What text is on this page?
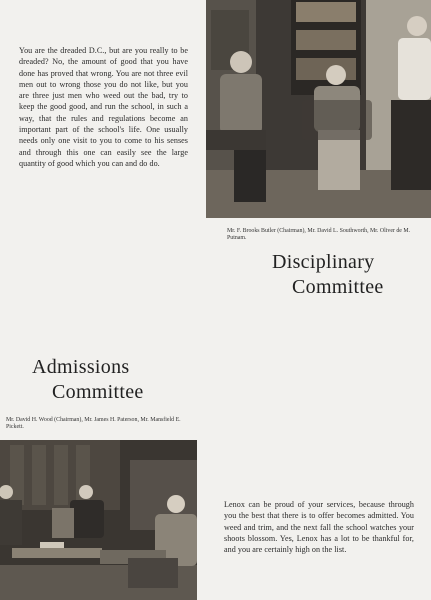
You are the dreaded D.C., but are you really to be dreaded? No, the amount of good that you have done has proved that wrong. You are not three evil men out to wrong those you do not like, but you are three just men who weed out the bad, try to keep the good good, and run the school, in such a way, that the rules and regulations become an important part of the school's life. One usually needs only one visit to you to come to his senses and through this one can easily see the large quantity of good which you can and do do.
Mr. F. Brooks Butler (Chairman), Mr. David L. Southworth, Mr. Oliver de M. Putnam.
Disciplinary
Committee
Admissions
Committee
Mr. David H. Wood (Chairman), Mr. James H. Paterson, Mr. Mansfield E. Pickett.
Lenox can be proud of your services, because through you the best that there is to offer becomes admitted. You weed and trim, and the next fall the school watches your shoots blossom. Yes, Lenox has a lot to be thankful for, and you are certainly high on the list.
